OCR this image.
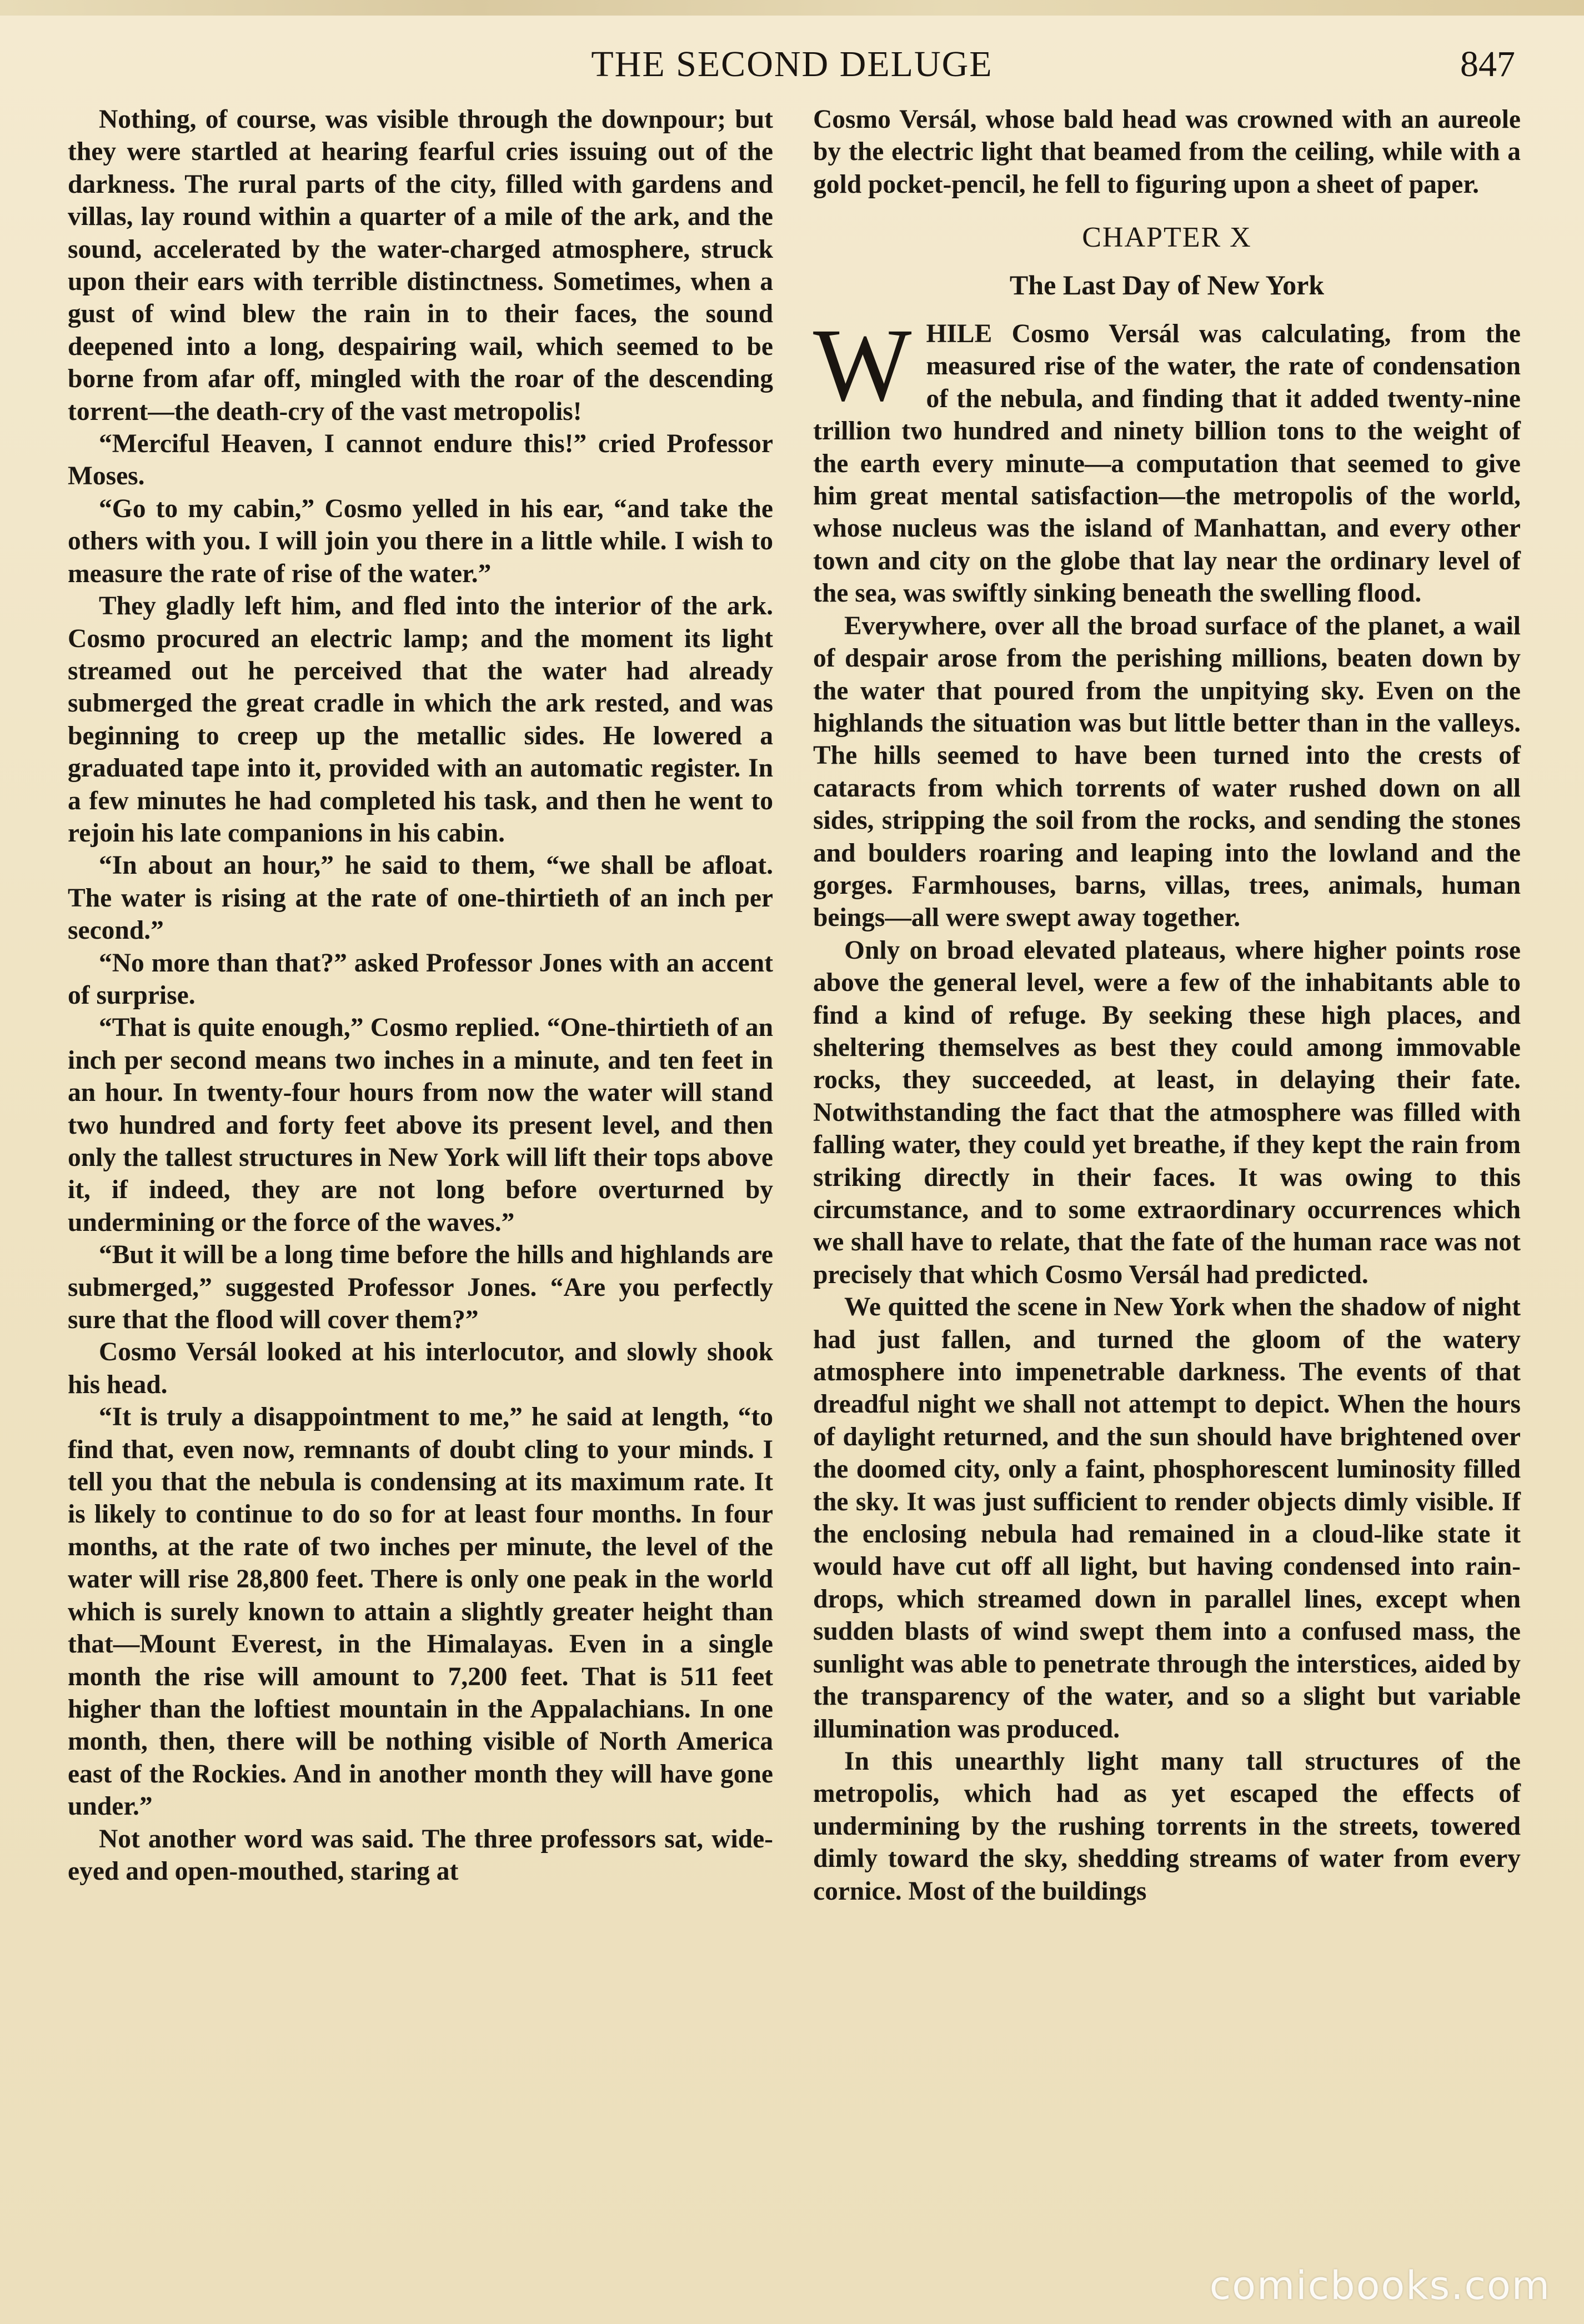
THE SECOND DELUGE	847

Nothing, of course, was visible through the downpour; but they were startled at hearing fearful cries issuing out of the darkness. The rural parts of the city, filled with gardens and villas, lay round within a quarter of a mile of the ark, and the sound, accelerated by the water-charged atmosphere, struck upon their ears with terrible distinctness. Sometimes, when a gust of wind blew the rain in to their faces, the sound deepened into a long, despairing wail, which seemed to be borne from afar off, mingled with the roar of the descending torrent—the death-cry of the vast metropolis!

“Merciful Heaven, I cannot endure this!” cried Professor Moses.

“Go to my cabin,” Cosmo yelled in his ear, “and take the others with you. I will join you there in a little while. I wish to measure the rate of rise of the water.”

They gladly left him, and fled into the interior of the ark. Cosmo procured an electric lamp; and the moment its light streamed out he perceived that the water had already submerged the great cradle in which the ark rested, and was beginning to creep up the metallic sides. He lowered a graduated tape into it, provided with an automatic register. In a few minutes he had completed his task, and then he went to rejoin his late companions in his cabin.

“In about an hour,” he said to them, “we shall be afloat. The water is rising at the rate of one-thirtieth of an inch per second.”

“No more than that?” asked Professor Jones with an accent of surprise.

“That is quite enough,” Cosmo replied. “One-thirtieth of an inch per second means two inches in a minute, and ten feet in an hour. In twenty-four hours from now the water will stand two hundred and forty feet above its present level, and then only the tallest structures in New York will lift their tops above it, if indeed, they are not long before overturned by undermining or the force of the waves.”

“But it will be a long time before the hills and highlands are submerged,” suggested Professor Jones. “Are you perfectly sure that the flood will cover them?”

Cosmo Versál looked at his interlocutor, and slowly shook his head.

“It is truly a disappointment to me,” he said at length, “to find that, even now, remnants of doubt cling to your minds. I tell you that the nebula is condensing at its maximum rate. It is likely to continue to do so for at least four months. In four months, at the rate of two inches per minute, the level of the water will rise 28,800 feet. There is only one peak in the world which is surely known to attain a slightly greater height than that—Mount Everest, in the Himalayas. Even in a single month the rise will amount to 7,200 feet. That is 511 feet higher than the loftiest mountain in the Appalachians. In one month, then, there will be nothing visible of North America east of the Rockies. And in another month they will have gone under.”

Not another word was said. The three professors sat, wide-eyed and open-mouthed, staring at

Cosmo Versál, whose bald head was crowned with an aureole by the electric light that beamed from the ceiling, while with a gold pocket-pencil, he fell to figuring upon a sheet of paper.

CHAPTER X

The Last Day of New York

WHILE Cosmo Versál was calculating, from the measured rise of the water, the rate of condensation of the nebula, and finding that it added twenty-nine trillion two hundred and ninety billion tons to the weight of the earth every minute—a computation that seemed to give him great mental satisfaction—the metropolis of the world, whose nucleus was the island of Manhattan, and every other town and city on the globe that lay near the ordinary level of the sea, was swiftly sinking beneath the swelling flood.

Everywhere, over all the broad surface of the planet, a wail of despair arose from the perishing millions, beaten down by the water that poured from the unpitying sky. Even on the highlands the situation was but little better than in the valleys. The hills seemed to have been turned into the crests of cataracts from which torrents of water rushed down on all sides, stripping the soil from the rocks, and sending the stones and boulders roaring and leaping into the lowland and the gorges. Farmhouses, barns, villas, trees, animals, human beings—all were swept away together.

Only on broad elevated plateaus, where higher points rose above the general level, were a few of the inhabitants able to find a kind of refuge. By seeking these high places, and sheltering themselves as best they could among immovable rocks, they succeeded, at least, in delaying their fate. Notwithstanding the fact that the atmosphere was filled with falling water, they could yet breathe, if they kept the rain from striking directly in their faces. It was owing to this circumstance, and to some extraordinary occurrences which we shall have to relate, that the fate of the human race was not precisely that which Cosmo Versál had predicted.

We quitted the scene in New York when the shadow of night had just fallen, and turned the gloom of the watery atmosphere into impenetrable darkness. The events of that dreadful night we shall not attempt to depict. When the hours of daylight returned, and the sun should have brightened over the doomed city, only a faint, phosphorescent luminosity filled the sky. It was just sufficient to render objects dimly visible. If the enclosing nebula had remained in a cloud-like state it would have cut off all light, but having condensed into rain-drops, which streamed down in parallel lines, except when sudden blasts of wind swept them into a confused mass, the sunlight was able to penetrate through the interstices, aided by the transparency of the water, and so a slight but variable illumination was produced.

In this unearthly light many tall structures of the metropolis, which had as yet escaped the effects of undermining by the rushing torrents in the streets, towered dimly toward the sky, shedding streams of water from every cornice. Most of the buildings

comicbooks.com
